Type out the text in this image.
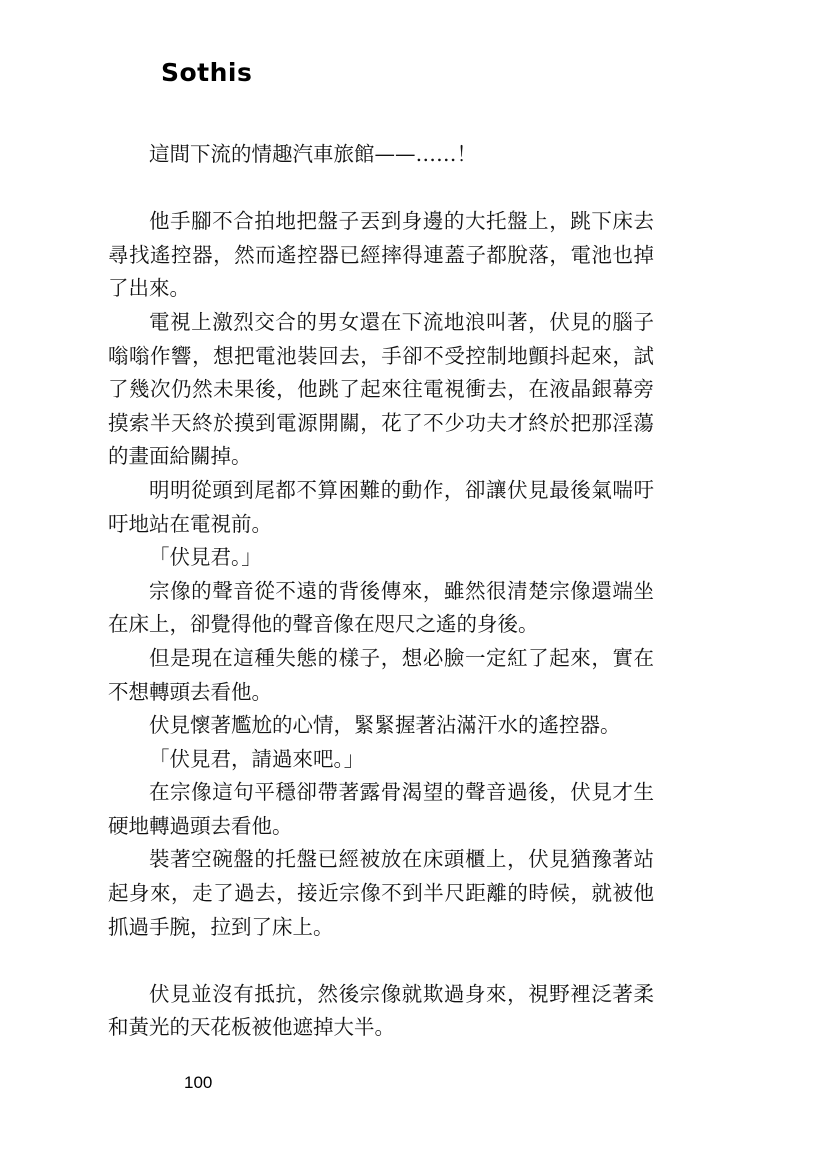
Sothis

這間下流的情趣汽車旅館——……！

他手腳不合拍地把盤子丟到身邊的大托盤上，跳下床去尋找遙控器，然而遙控器已經摔得連蓋子都脫落，電池也掉了出來。

電視上激烈交合的男女還在下流地浪叫著，伏見的腦子嗡嗡作響，想把電池裝回去，手卻不受控制地顫抖起來，試了幾次仍然未果後，他跳了起來往電視衝去，在液晶銀幕旁摸索半天終於摸到電源開關，花了不少功夫才終於把那淫蕩的畫面給關掉。

明明從頭到尾都不算困難的動作，卻讓伏見最後氣喘吁吁地站在電視前。

「伏見君。」

宗像的聲音從不遠的背後傳來，雖然很清楚宗像還端坐在床上，卻覺得他的聲音像在咫尺之遙的身後。

但是現在這種失態的樣子，想必臉一定紅了起來，實在不想轉頭去看他。

伏見懷著尷尬的心情，緊緊握著沾滿汗水的遙控器。

「伏見君，請過來吧。」

在宗像這句平穩卻帶著露骨渴望的聲音過後，伏見才生硬地轉過頭去看他。

裝著空碗盤的托盤已經被放在床頭櫃上，伏見猶豫著站起身來，走了過去，接近宗像不到半尺距離的時候，就被他抓過手腕，拉到了床上。

伏見並沒有抵抗，然後宗像就欺過身來，視野裡泛著柔和黃光的天花板被他遮掉大半。

100
